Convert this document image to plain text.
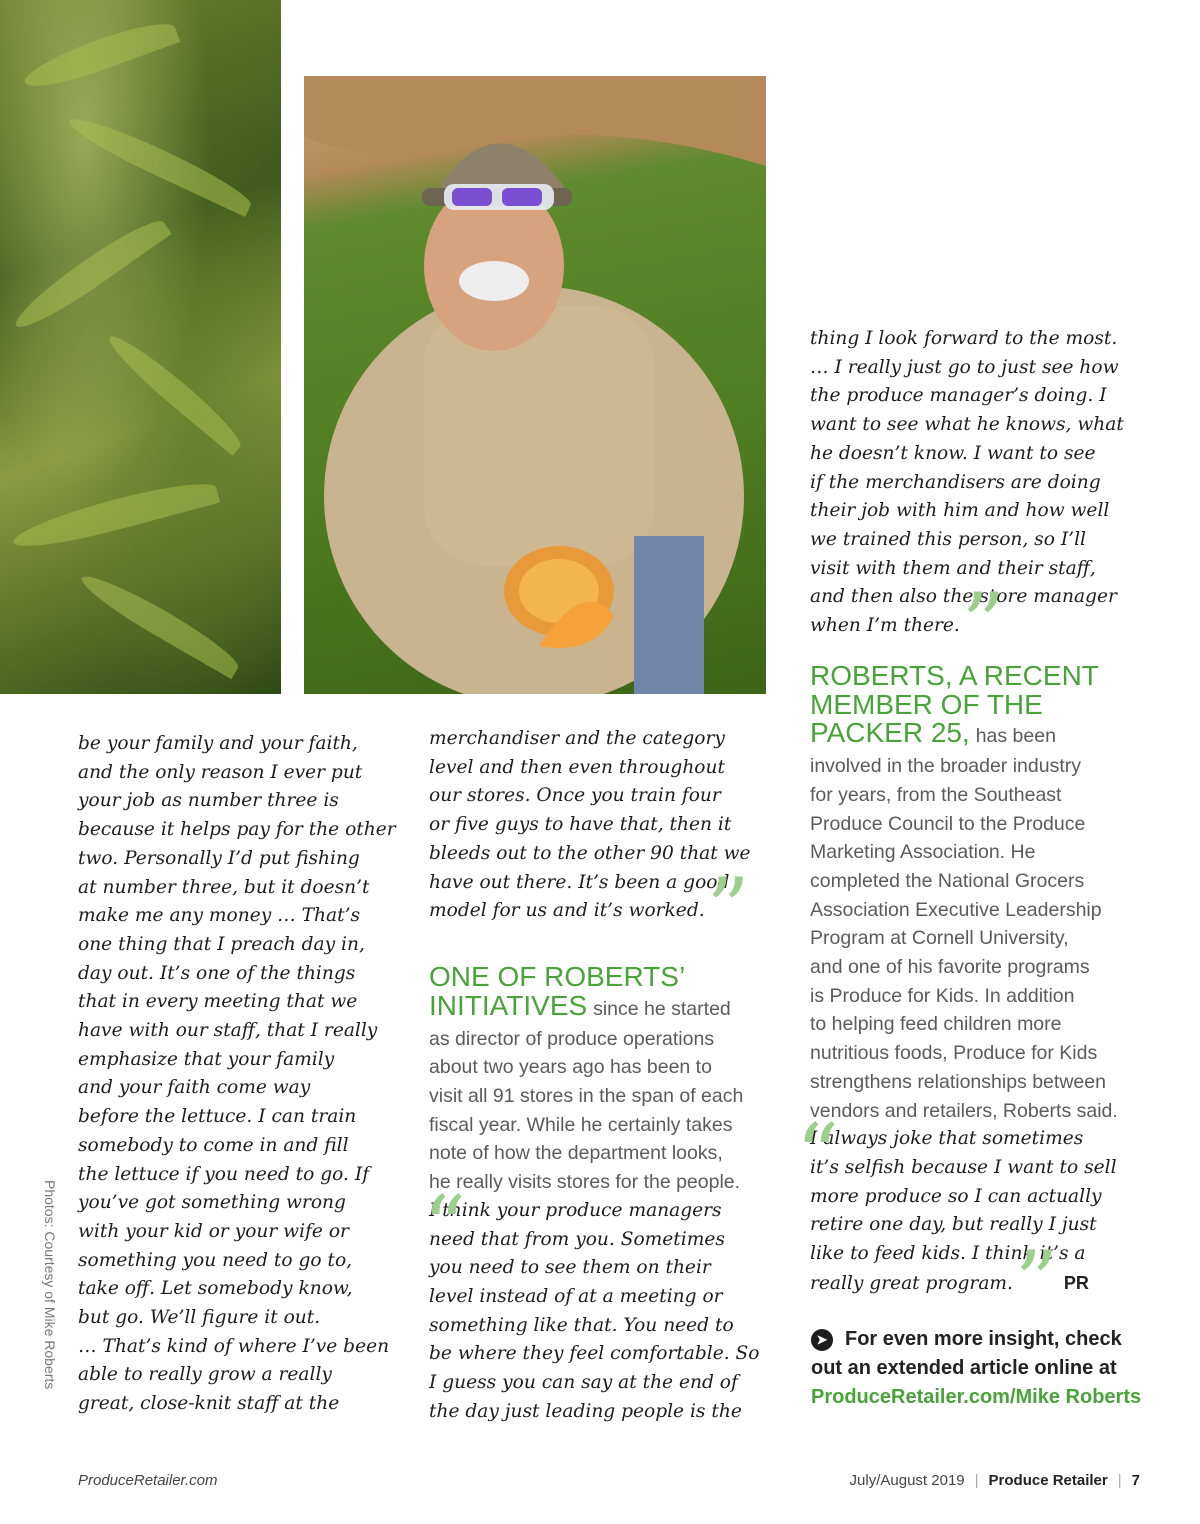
Photos: Courtesy of Mike Roberts
be your family and your faith,
and the only reason I ever put
your job as number three is
because it helps pay for the other
two. Personally I’d put fishing
at number three, but it doesn’t
make me any money … That’s
one thing that I preach day in,
day out. It’s one of the things
that in every meeting that we
have with our staff, that I really
emphasize that your family
and your faith come way
before the lettuce. I can train
somebody to come in and fill
the lettuce if you need to go. If
you’ve got something wrong
with your kid or your wife or
something you need to go to,
take off. Let somebody know,
but go. We’ll figure it out.
… That’s kind of where I’ve been
able to really grow a really
great, close-knit staff at the
merchandiser and the category
level and then even throughout
our stores. Once you train four
or five guys to have that, then it
bleeds out to the other 90 that we
have out there. It’s been a good
model for us and it’s worked.”
ONE OF ROBERTS’
INITIATIVES since he started
as director of produce operations
about two years ago has been to
visit all 91 stores in the span of each
fiscal year. While he certainly takes
note of how the department looks,
he really visits stores for the people.
“
I think your produce managers
need that from you. Sometimes
you need to see them on their
level instead of at a meeting or
something like that. You need to
be where they feel comfortable. So
I guess you can say at the end of
the day just leading people is the
thing I look forward to the most.
… I really just go to just see how
the produce manager’s doing. I
want to see what he knows, what
he doesn’t know. I want to see
if the merchandisers are doing
their job with him and how well
we trained this person, so I’ll
visit with them and their staff,
and then also the store manager
when I’m there.”
ROBERTS, A RECENT
MEMBER OF THE
PACKER 25, has been
involved in the broader industry
for years, from the Southeast
Produce Council to the Produce
Marketing Association. He
completed the National Grocers
Association Executive Leadership
Program at Cornell University,
and one of his favorite programs
is Produce for Kids. In addition
to helping feed children more
nutritious foods, Produce for Kids
strengthens relationships between
vendors and retailers, Roberts said.
“
I always joke that sometimes
it’s selfish because I want to sell
more produce so I can actually
retire one day, but really I just
like to feed kids. I think it’s a
really great program.” PR
➤ For even more insight, check
out an extended article online at
ProduceRetailer.com/Mike Roberts
ProduceRetailer.com	July/August 2019 | Produce Retailer | 7
